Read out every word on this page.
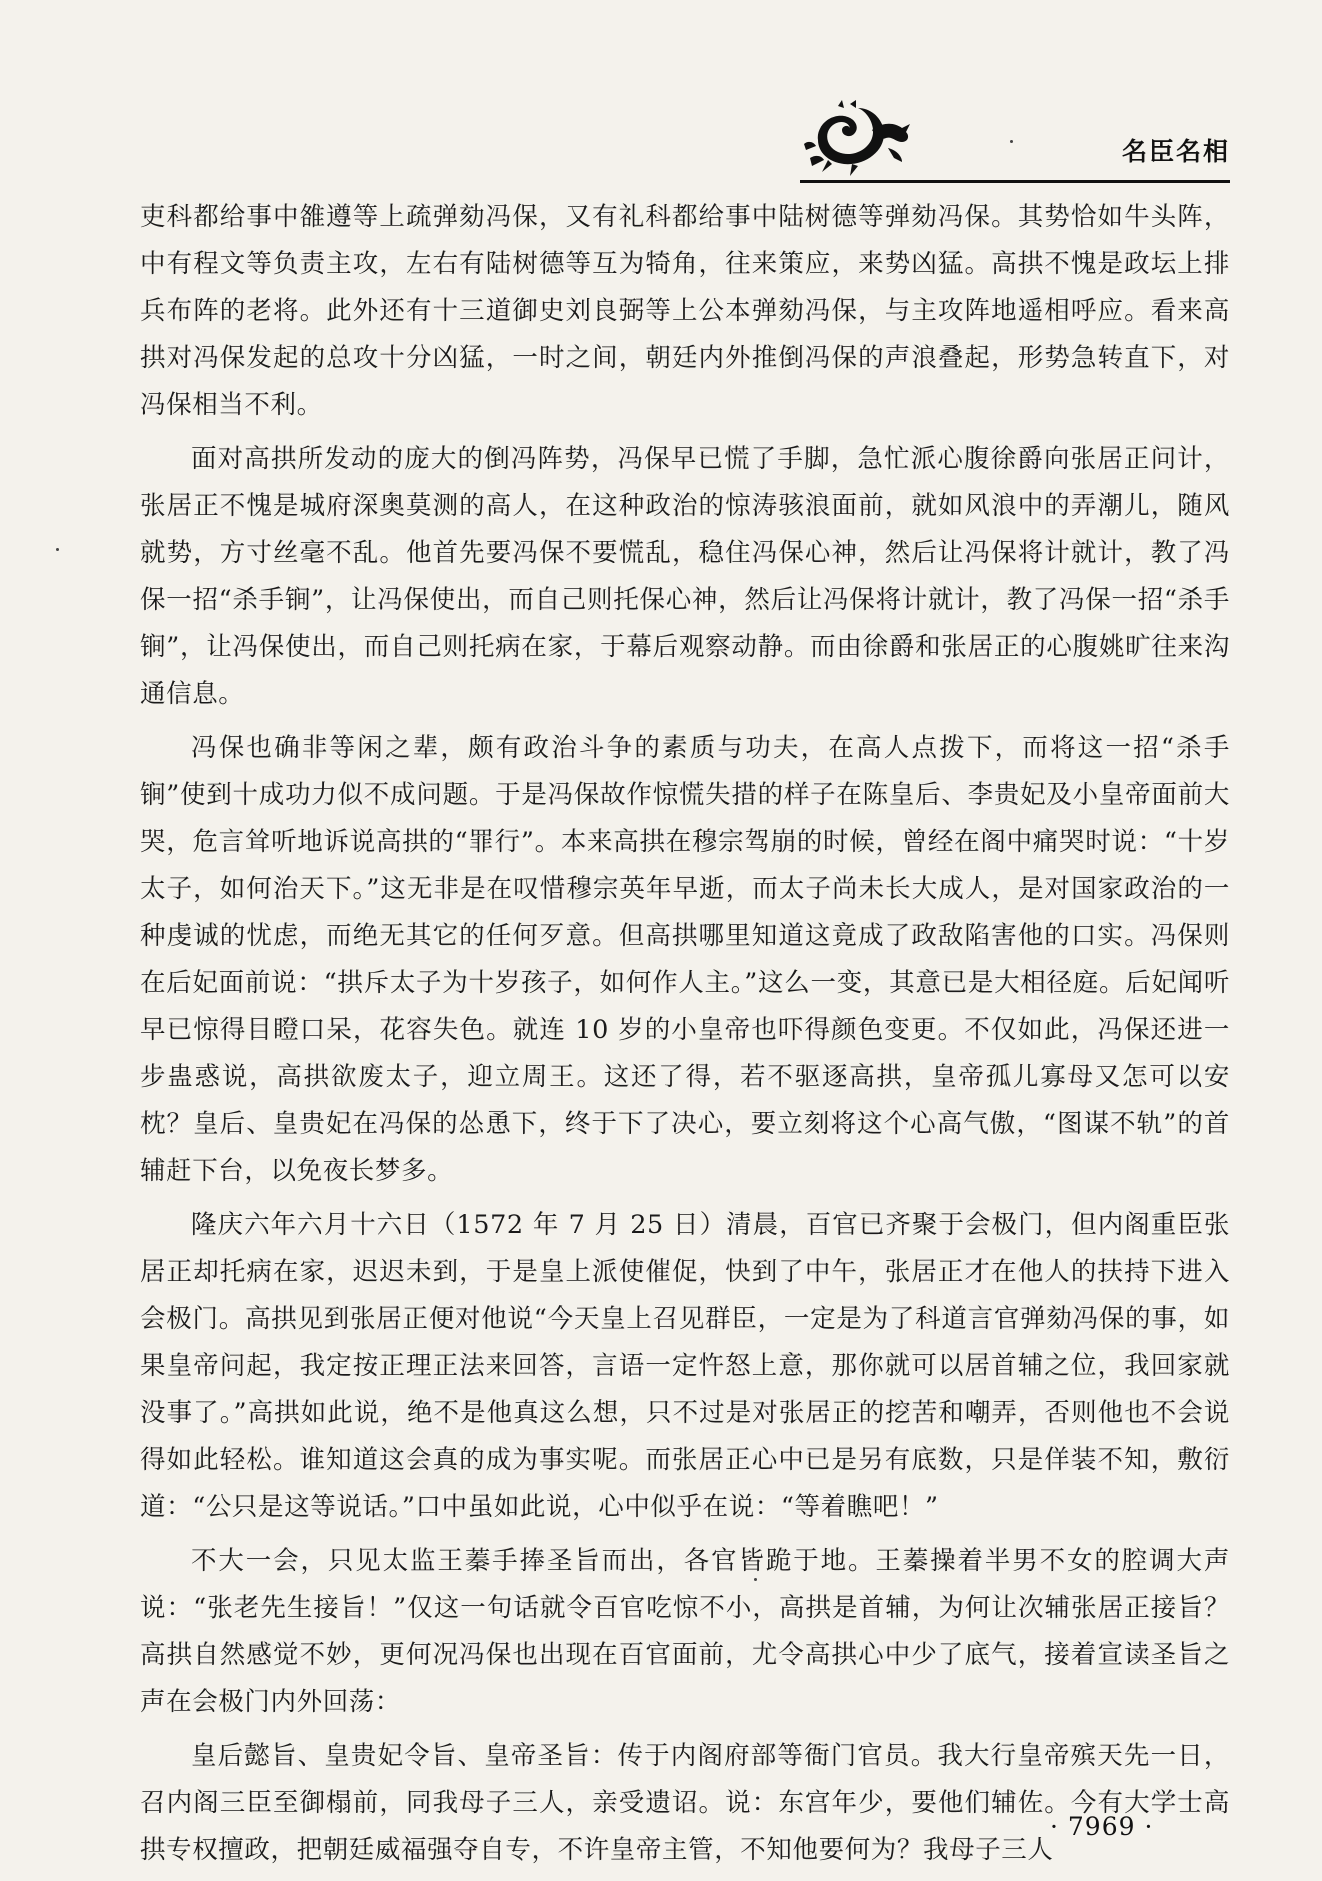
名臣名相

吏科都给事中雒遵等上疏弹劾冯保，又有礼科都给事中陆树德等弹劾冯保。其势恰如牛头阵，中有程文等负责主攻，左右有陆树德等互为犄角，往来策应，来势凶猛。高拱不愧是政坛上排兵布阵的老将。此外还有十三道御史刘良弼等上公本弹劾冯保，与主攻阵地遥相呼应。看来高拱对冯保发起的总攻十分凶猛，一时之间，朝廷内外推倒冯保的声浪叠起，形势急转直下，对冯保相当不利。

面对高拱所发动的庞大的倒冯阵势，冯保早已慌了手脚，急忙派心腹徐爵向张居正问计，张居正不愧是城府深奥莫测的高人，在这种政治的惊涛骇浪面前，就如风浪中的弄潮儿，随风就势，方寸丝毫不乱。他首先要冯保不要慌乱，稳住冯保心神，然后让冯保将计就计，教了冯保一招“杀手锏”，让冯保使出，而自己则托保心神，然后让冯保将计就计，教了冯保一招“杀手锏”，让冯保使出，而自己则托病在家，于幕后观察动静。而由徐爵和张居正的心腹姚旷往来沟通信息。

冯保也确非等闲之辈，颇有政治斗争的素质与功夫，在高人点拨下，而将这一招“杀手锏”使到十成功力似不成问题。于是冯保故作惊慌失措的样子在陈皇后、李贵妃及小皇帝面前大哭，危言耸听地诉说高拱的“罪行”。本来高拱在穆宗驾崩的时候，曾经在阁中痛哭时说：“十岁太子，如何治天下。”这无非是在叹惜穆宗英年早逝，而太子尚未长大成人，是对国家政治的一种虔诚的忧虑，而绝无其它的任何歹意。但高拱哪里知道这竟成了政敌陷害他的口实。冯保则在后妃面前说：“拱斥太子为十岁孩子，如何作人主。”这么一变，其意已是大相径庭。后妃闻听早已惊得目瞪口呆，花容失色。就连 10 岁的小皇帝也吓得颜色变更。不仅如此，冯保还进一步蛊惑说，高拱欲废太子，迎立周王。这还了得，若不驱逐高拱，皇帝孤儿寡母又怎可以安枕？皇后、皇贵妃在冯保的怂恿下，终于下了决心，要立刻将这个心高气傲，“图谋不轨”的首辅赶下台，以免夜长梦多。

隆庆六年六月十六日（1572 年 7 月 25 日）清晨，百官已齐聚于会极门，但内阁重臣张居正却托病在家，迟迟未到，于是皇上派使催促，快到了中午，张居正才在他人的扶持下进入会极门。高拱见到张居正便对他说“今天皇上召见群臣，一定是为了科道言官弹劾冯保的事，如果皇帝问起，我定按正理正法来回答，言语一定忤怒上意，那你就可以居首辅之位，我回家就没事了。”高拱如此说，绝不是他真这么想，只不过是对张居正的挖苦和嘲弄，否则他也不会说得如此轻松。谁知道这会真的成为事实呢。而张居正心中已是另有底数，只是佯装不知，敷衍道：“公只是这等说话。”口中虽如此说，心中似乎在说：“等着瞧吧！”

不大一会，只见太监王蓁手捧圣旨而出，各官皆跪于地。王蓁操着半男不女的腔调大声说：“张老先生接旨！”仅这一句话就令百官吃惊不小，高拱是首辅，为何让次辅张居正接旨？高拱自然感觉不妙，更何况冯保也出现在百官面前，尤令高拱心中少了底气，接着宣读圣旨之声在会极门内外回荡：

皇后懿旨、皇贵妃令旨、皇帝圣旨：传于内阁府部等衙门官员。我大行皇帝殡天先一日，召内阁三臣至御榻前，同我母子三人，亲受遗诏。说：东宫年少，要他们辅佐。今有大学士高拱专权擅政，把朝廷威福强夺自专，不许皇帝主管，不知他要何为？我母子三人

· 7969 ·
